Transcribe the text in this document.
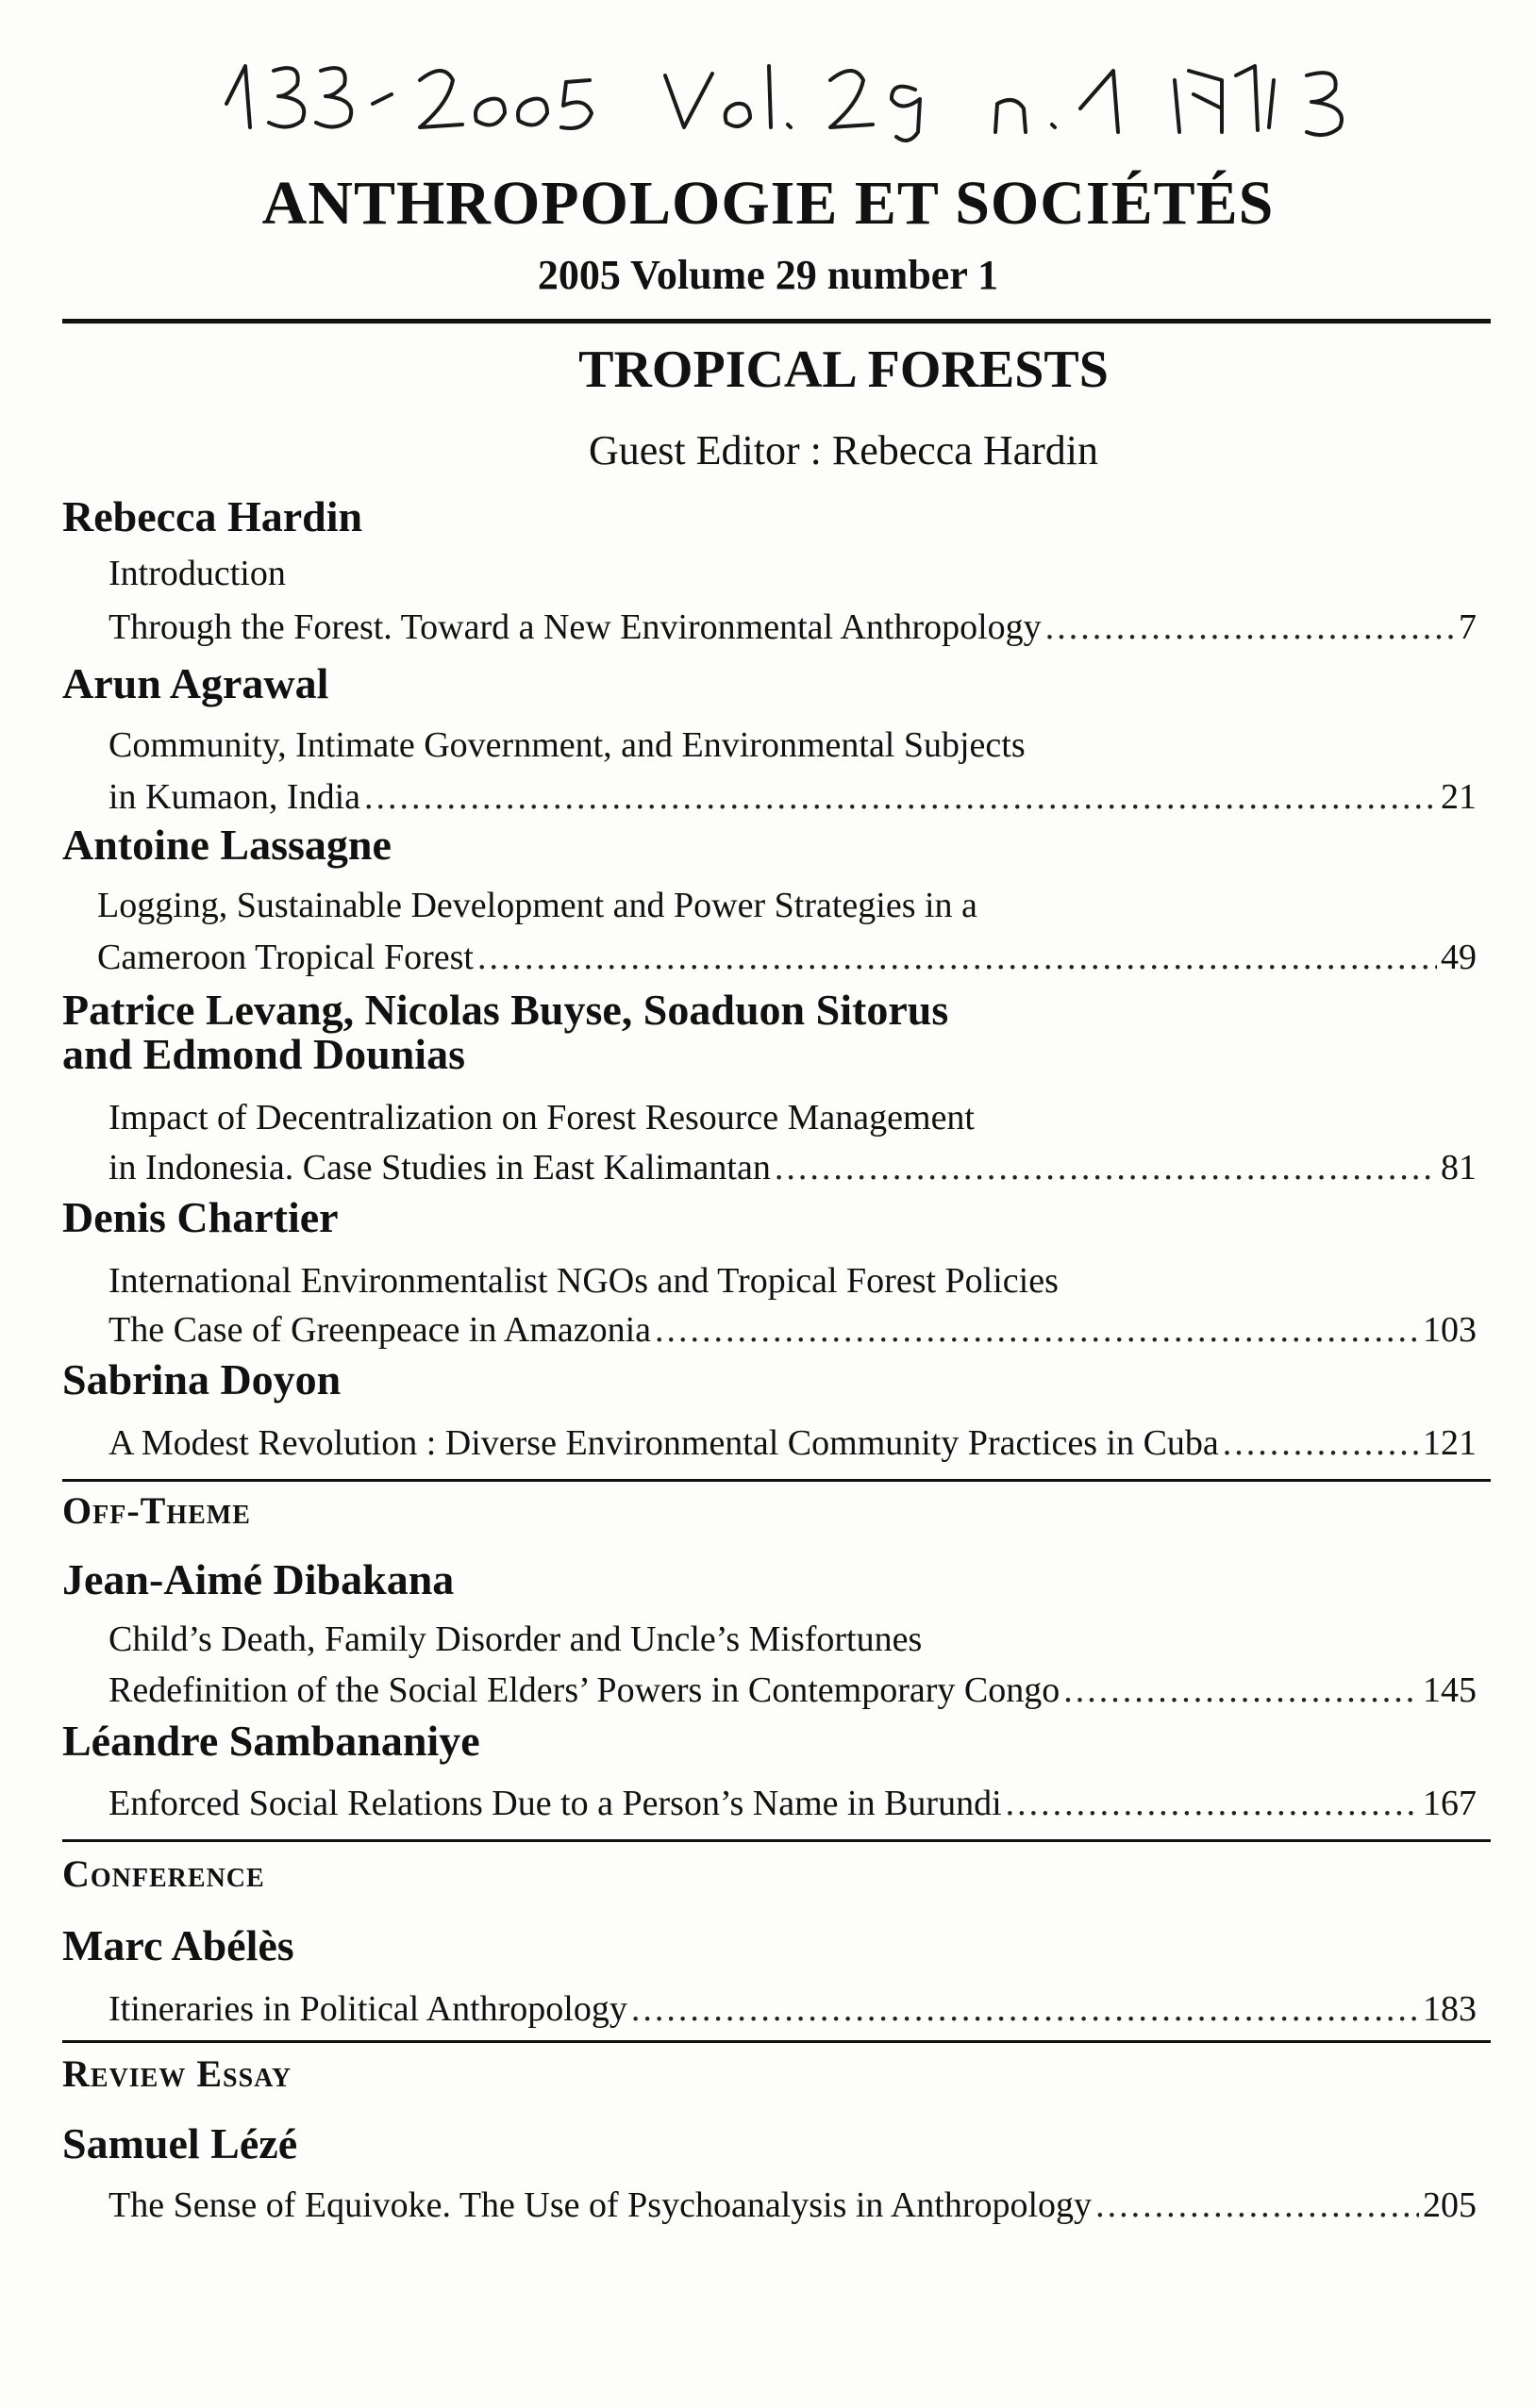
ANTHROPOLOGIE ET SOCIÉTÉS
2005 Volume 29 number 1
TROPICAL FORESTS
Guest Editor : Rebecca Hardin
Rebecca Hardin
Introduction
Through the Forest. Toward a New Environmental Anthropology .....	7
Arun Agrawal
Community, Intimate Government, and Environmental Subjects
in Kumaon, India .....	21
Antoine Lassagne
Logging, Sustainable Development and Power Strategies in a
Cameroon Tropical Forest .....	49
Patrice Levang, Nicolas Buyse, Soaduon Sitorus
and Edmond Dounias
Impact of Decentralization on Forest Resource Management
in Indonesia. Case Studies in East Kalimantan .....	81
Denis Chartier
International Environmentalist NGOs and Tropical Forest Policies
The Case of Greenpeace in Amazonia .....	103
Sabrina Doyon
A Modest Revolution : Diverse Environmental Community Practices in Cuba .....	121
Off-Theme
Jean-Aimé Dibakana
Child’s Death, Family Disorder and Uncle’s Misfortunes
Redefinition of the Social Elders’ Powers in Contemporary Congo .....	145
Léandre Sambananiye
Enforced Social Relations Due to a Person’s Name in Burundi .....	167
Conference
Marc Abélès
Itineraries in Political Anthropology .....	183
Review Essay
Samuel Lézé
The Sense of Equivoke. The Use of Psychoanalysis in Anthropology .....	205
